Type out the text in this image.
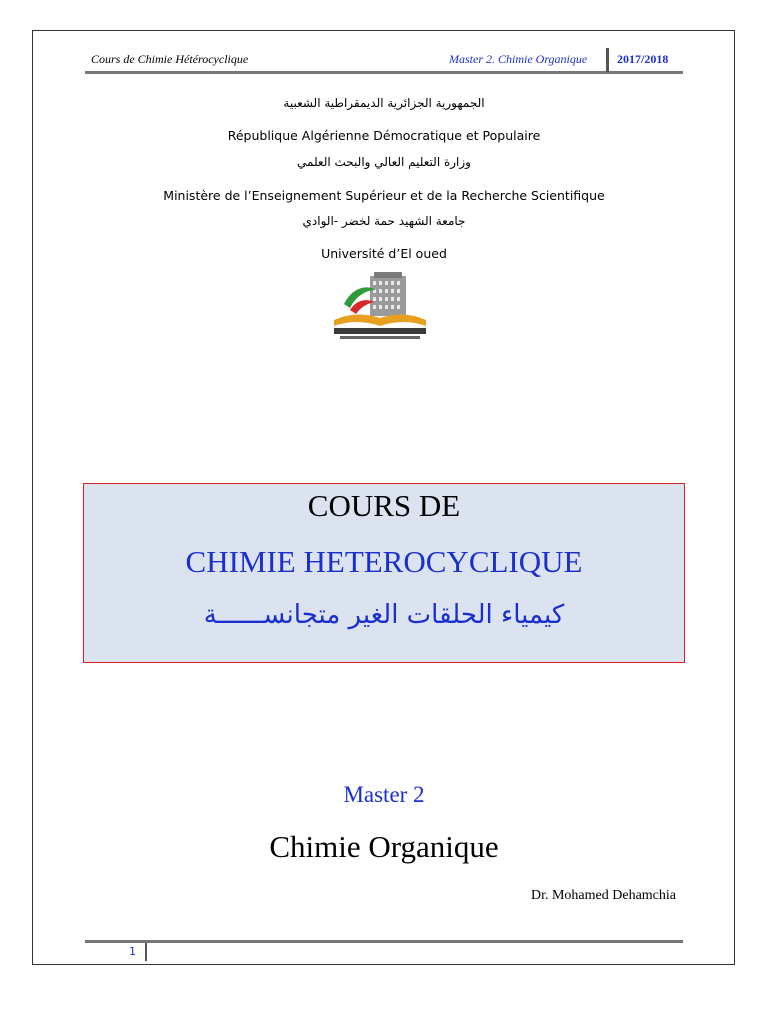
Cours de Chimie Hétérocyclique	Master 2. Chimie Organique 2017/2018
الجمهورية الجزائرية الديمقراطية الشعبية
République Algérienne Démocratique et Populaire
وزارة التعليم العالي والبحث العلمي
Ministère de l’Enseignement Supérieur et de la Recherche Scientifique
جامعة الشهيد حمة لخضر -الوادي
Université d’El oued
COURS DE
CHIMIE HETEROCYCLIQUE
كيمياء الحلقات الغير متجانســــــة
Master 2
Chimie Organique
Dr. Mohamed Dehamchia
1
